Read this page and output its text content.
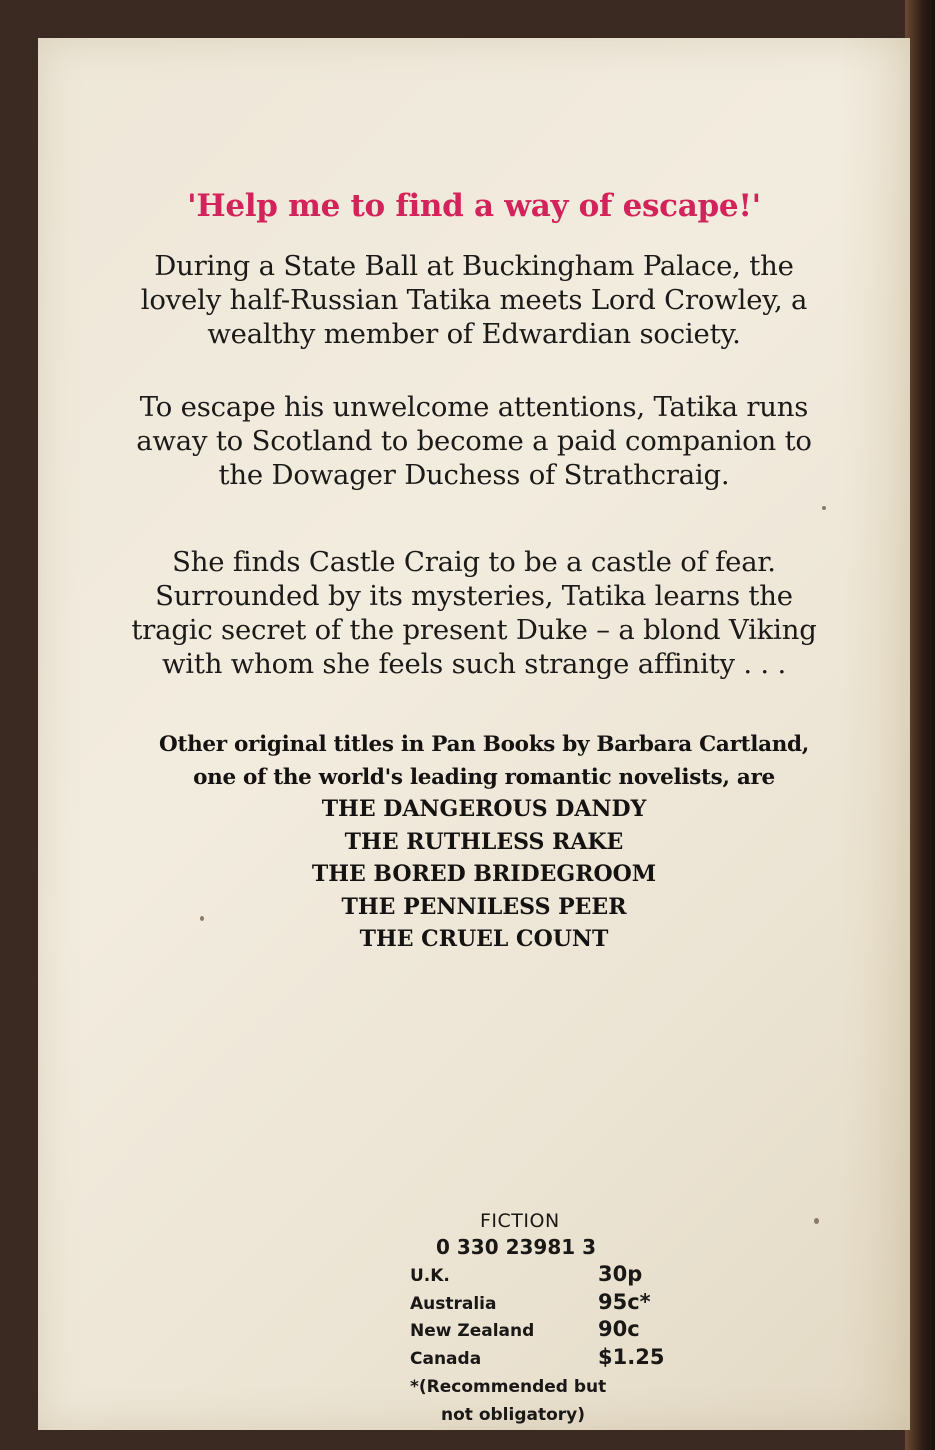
'Help me to find a way of escape!'
During a State Ball at Buckingham Palace, the lovely half-Russian Tatika meets Lord Crowley, a wealthy member of Edwardian society.
To escape his unwelcome attentions, Tatika runs away to Scotland to become a paid companion to the Dowager Duchess of Strathcraig.
She finds Castle Craig to be a castle of fear. Surrounded by its mysteries, Tatika learns the tragic secret of the present Duke – a blond Viking with whom she feels such strange affinity . . .
Other original titles in Pan Books by Barbara Cartland,
one of the world's leading romantic novelists, are
THE DANGEROUS DANDY
THE RUTHLESS RAKE
THE BORED BRIDEGROOM
THE PENNILESS PEER
THE CRUEL COUNT
FICTION
0 330 23981 3
U.K.	30p
Australia	95c*
New Zealand	90c
Canada	$1.25
*(Recommended but
not obligatory)
